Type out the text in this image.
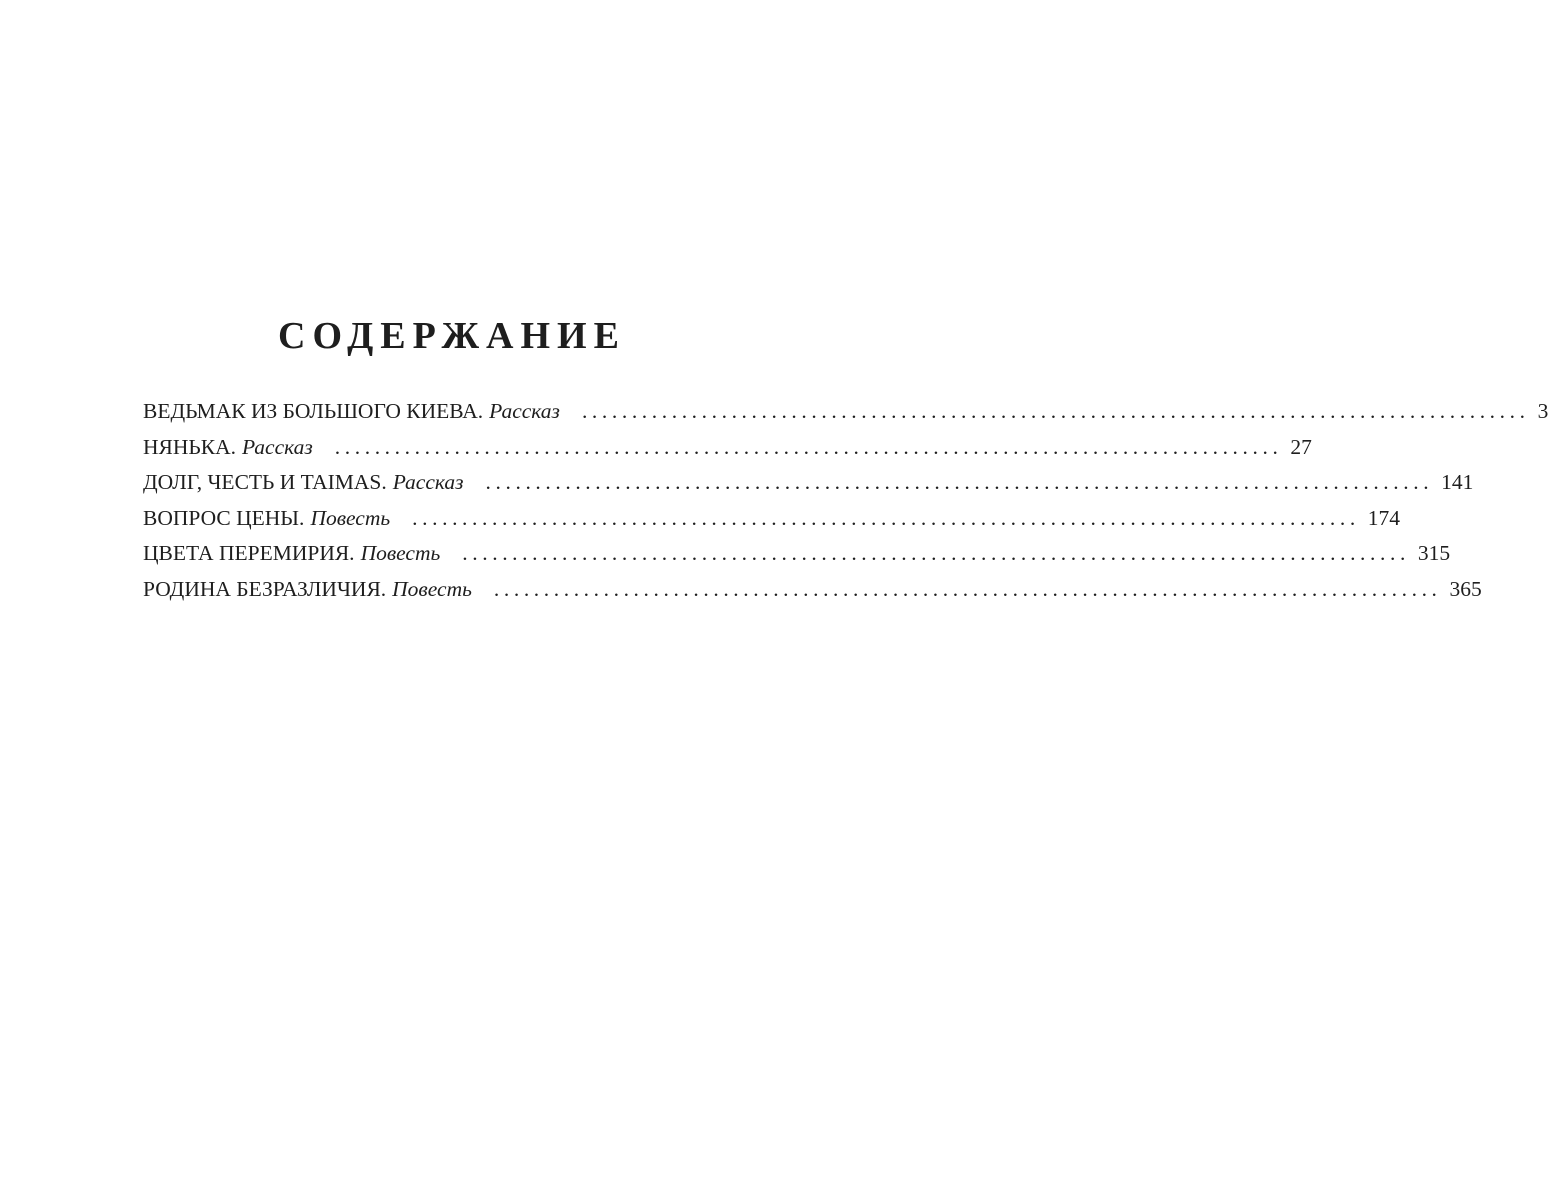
СОДЕРЖАНИЕ
ВЕДЬМАК ИЗ БОЛЬШОГО КИЕВА. Рассказ ............................................................................................... 3
НЯНЬКА. Рассказ ............................................................................................... 27
ДОЛГ, ЧЕСТЬ И TAIMAS. Рассказ ............................................................................................... 141
ВОПРОС ЦЕНЫ. Повесть ............................................................................................... 174
ЦВЕТА ПЕРЕМИРИЯ. Повесть ............................................................................................... 315
РОДИНА БЕЗРАЗЛИЧИЯ. Повесть ............................................................................................... 365
